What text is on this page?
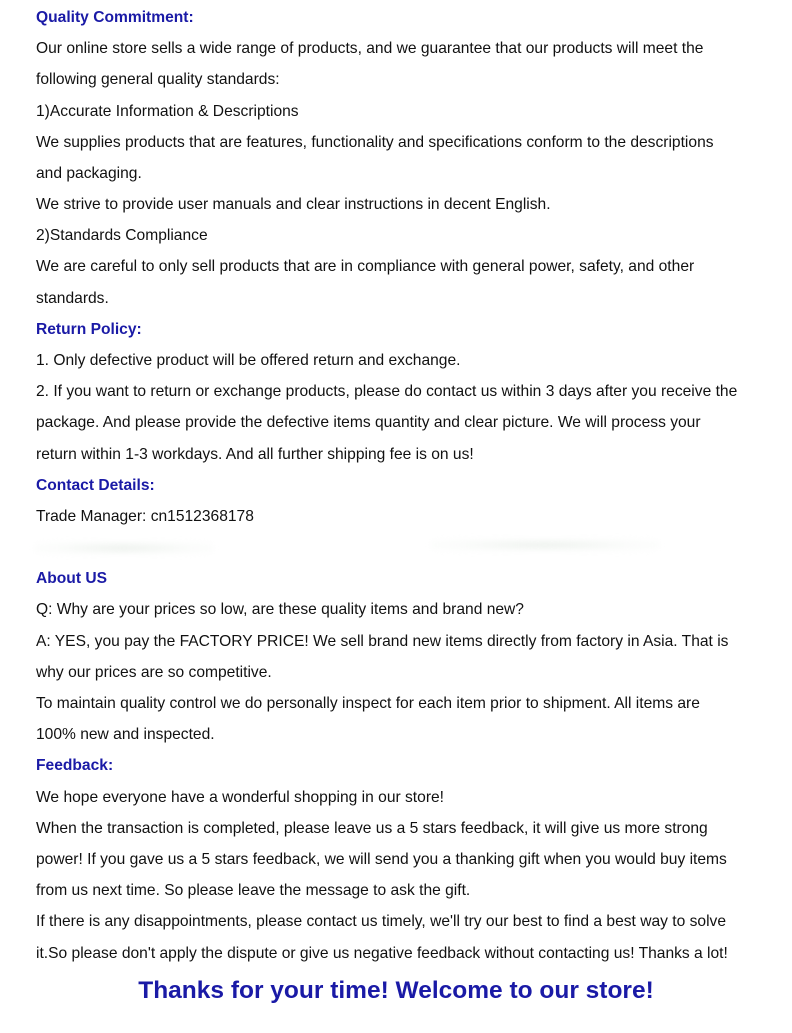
Quality Commitment:
Our online store sells a wide range of products, and we guarantee that our products will meet the
following general quality standards:
1)Accurate Information & Descriptions
We supplies products that are features, functionality and specifications conform to the descriptions
and packaging.
We strive to provide user manuals and clear instructions in decent English.
2)Standards Compliance
We are careful to only sell products that are in compliance with general power, safety, and other
standards.
Return Policy:
1. Only defective product will be offered return and exchange.
2. If you want to return or exchange products, please do contact us within 3 days after you receive the
package. And please provide the defective items quantity and clear picture. We will process your
return within 1-3 workdays. And all further shipping fee is on us!
Contact Details:
Trade Manager: cn1512368178
About US
Q: Why are your prices so low, are these quality items and brand new?
A: YES, you pay the FACTORY PRICE! We sell brand new items directly from factory in Asia. That is
why our prices are so competitive.
To maintain quality control we do personally inspect for each item prior to shipment. All items are
100% new and inspected.
Feedback:
We hope everyone have a wonderful shopping in our store!
When the transaction is completed, please leave us a 5 stars feedback, it will give us more strong
power! If you gave us a 5 stars feedback, we will send you a thanking gift when you would buy items
from us next time. So please leave the message to ask the gift.
If there is any disappointments, please contact us timely, we'll try our best to find a best way to solve
it.So please don't apply the dispute or give us negative feedback without contacting us! Thanks a lot!
Thanks for your time! Welcome to our store!
